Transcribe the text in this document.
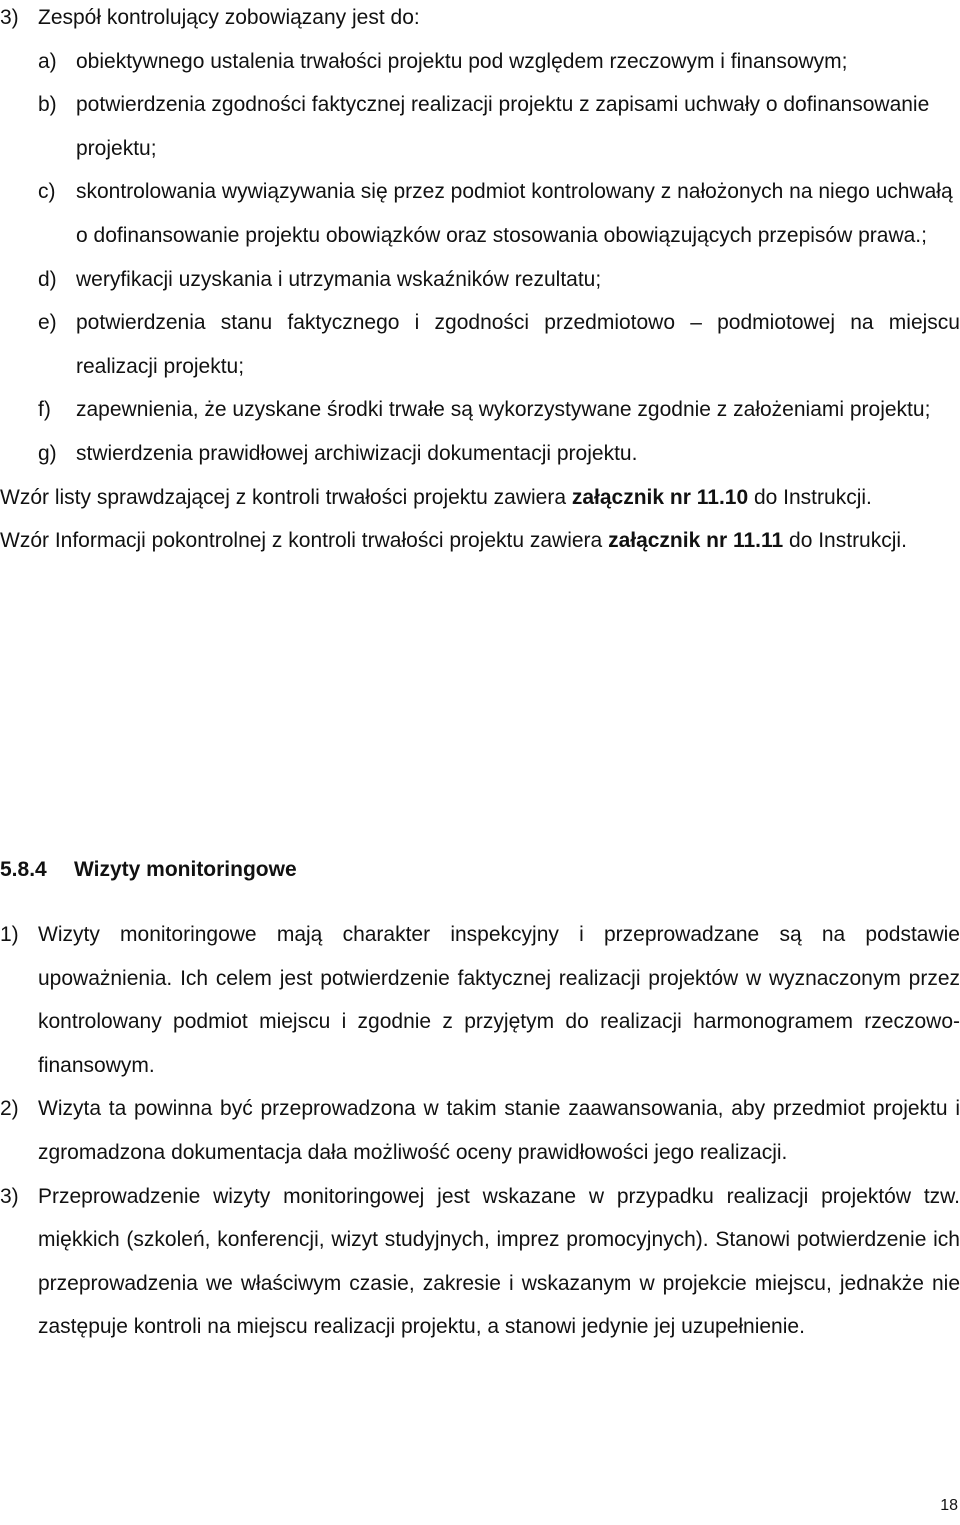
3) Zespół kontrolujący zobowiązany jest do:
a) obiektywnego ustalenia trwałości projektu pod względem rzeczowym i finansowym;
b) potwierdzenia zgodności faktycznej realizacji projektu z zapisami uchwały o dofinansowanie projektu;
c) skontrolowania wywiązywania się przez podmiot kontrolowany z nałożonych na niego uchwałą o dofinansowanie projektu obowiązków oraz stosowania obowiązujących przepisów prawa.;
d) weryfikacji uzyskania i utrzymania wskaźników rezultatu;
e) potwierdzenia stanu faktycznego i zgodności przedmiotowo – podmiotowej na miejscu realizacji projektu;
f) zapewnienia, że uzyskane środki trwałe są wykorzystywane zgodnie z założeniami projektu;
g) stwierdzenia prawidłowej archiwizacji dokumentacji projektu.

Wzór listy sprawdzającej z kontroli trwałości projektu zawiera załącznik nr 11.10 do Instrukcji.

Wzór Informacji pokontrolnej z kontroli trwałości projektu zawiera załącznik nr 11.11 do Instrukcji.

5.8.4 Wizyty monitoringowe
1) Wizyty monitoringowe mają charakter inspekcyjny i przeprowadzane są na podstawie upoważnienia. Ich celem jest potwierdzenie faktycznej realizacji projektów w wyznaczonym przez kontrolowany podmiot miejscu i zgodnie z przyjętym do realizacji harmonogramem rzeczowo-finansowym.
2) Wizyta ta powinna być przeprowadzona w takim stanie zaawansowania, aby przedmiot projektu i zgromadzona dokumentacja dała możliwość oceny prawidłowości jego realizacji.
3) Przeprowadzenie wizyty monitoringowej jest wskazane w przypadku realizacji projektów tzw. miękkich (szkoleń, konferencji, wizyt studyjnych, imprez promocyjnych). Stanowi potwierdzenie ich przeprowadzenia we właściwym czasie, zakresie i wskazanym w projekcie miejscu, jednakże nie zastępuje kontroli na miejscu realizacji projektu, a stanowi jedynie jej uzupełnienie.
18
